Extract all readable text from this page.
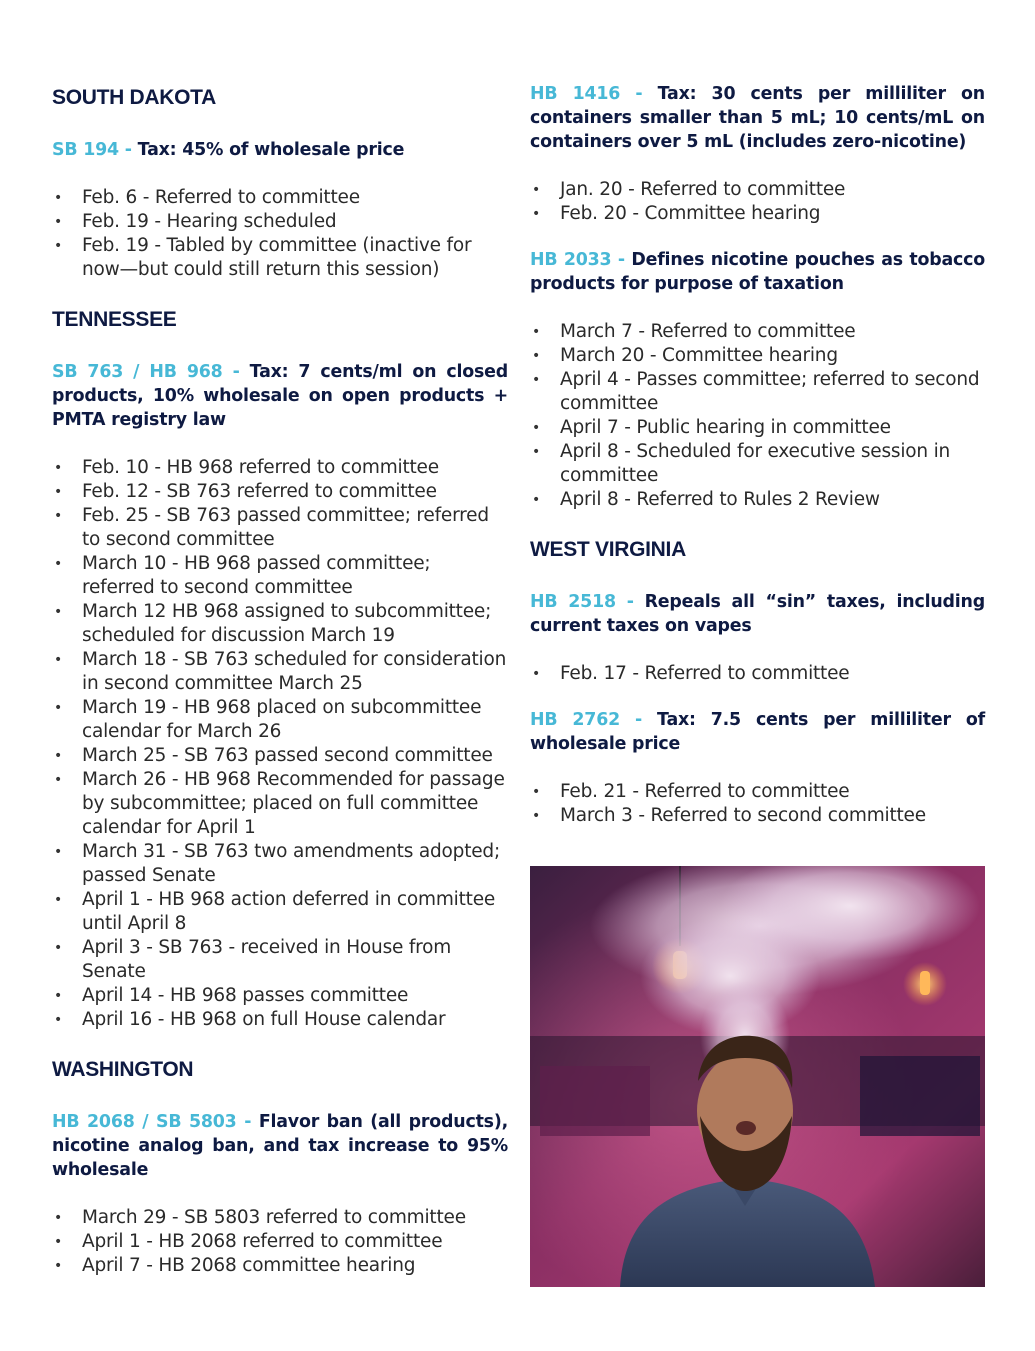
SOUTH DAKOTA

SB 194 - Tax: 45% of wholesale price

• Feb. 6 - Referred to committee
• Feb. 19 - Hearing scheduled
• Feb. 19 - Tabled by committee (inactive for now—but could still return this session)
TENNESSEE

SB 763 / HB 968 - Tax: 7 cents/ml on closed products, 10% wholesale on open products + PMTA registry law

• Feb. 10 - HB 968 referred to committee
• Feb. 12 - SB 763 referred to committee
• Feb. 25 - SB 763 passed committee; referred to second committee
• March 10 - HB 968 passed committee; referred to second committee
• March 12 HB 968 assigned to subcommittee; scheduled for discussion March 19
• March 18 - SB 763 scheduled for consideration in second committee March 25
• March 19 - HB 968 placed on subcommittee calendar for March 26
• March 25 - SB 763 passed second committee
• March 26 - HB 968 Recommended for passage by subcommittee; placed on full committee calendar for April 1
• March 31 - SB 763 two amendments adopted; passed Senate
• April 1 - HB 968 action deferred in committee until April 8
• April 3 - SB 763 - received in House from Senate
• April 14 - HB 968 passes committee
• April 16 - HB 968 on full House calendar
WASHINGTON

HB 2068 / SB 5803 - Flavor ban (all products), nicotine analog ban, and tax increase to 95% wholesale

• March 29 - SB 5803 referred to committee
• April 1 - HB 2068 referred to committee
• April 7 - HB 2068 committee hearing

HB 1416 - Tax: 30 cents per milliliter on containers smaller than 5 mL; 10 cents/mL on containers over 5 mL (includes zero-nicotine)

• Jan. 20 - Referred to committee
• Feb. 20 - Committee hearing

HB 2033 - Defines nicotine pouches as tobacco products for purpose of taxation

• March 7 - Referred to committee
• March 20 - Committee hearing
• April 4 - Passes committee; referred to second committee
• April 7 - Public hearing in committee
• April 8 - Scheduled for executive session in committee
• April 8 - Referred to Rules 2 Review
WEST VIRGINIA

HB 2518 - Repeals all “sin” taxes, including current taxes on vapes

• Feb. 17 - Referred to committee

HB 2762 - Tax: 7.5 cents per milliliter of wholesale price

• Feb. 21 - Referred to committee
• March 3 - Referred to second committee
